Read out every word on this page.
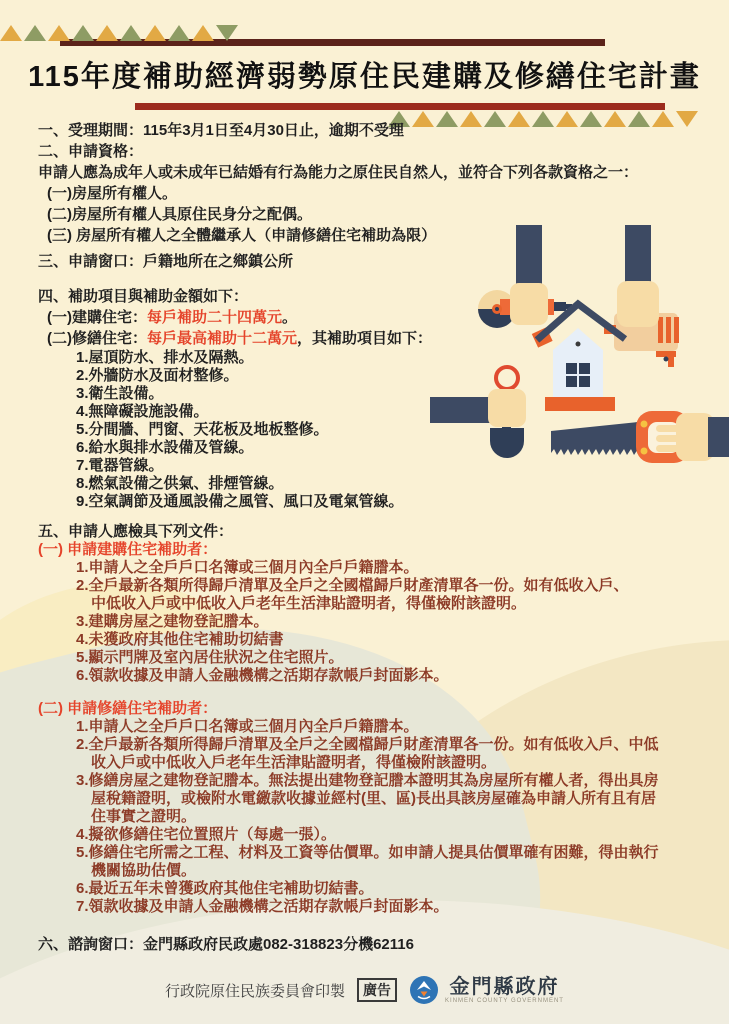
115年度補助經濟弱勢原住民建購及修繕住宅計畫
一、受理期間：115年3月1日至4月30日止，逾期不受理
二、申請資格：
申請人應為成年人或未成年已結婚有行為能力之原住民自然人，並符合下列各款資格之一：
(一)房屋所有權人。
(二)房屋所有權人具原住民身分之配偶。
(三) 房屋所有權人之全體繼承人（申請修繕住宅補助為限）
三、申請窗口：戶籍地所在之鄉鎮公所
四、補助項目與補助金額如下：
(一)建購住宅：每戶補助二十四萬元。
(二)修繕住宅：每戶最高補助十二萬元，其補助項目如下：
1.屋頂防水、排水及隔熱。
2.外牆防水及面材整修。
3.衛生設備。
4.無障礙設施設備。
5.分間牆、門窗、天花板及地板整修。
6.給水與排水設備及管線。
7.電器管線。
8.燃氣設備之供氣、排煙管線。
9.空氣調節及通風設備之風管、風口及電氣管線。
五、申請人應檢具下列文件：
(一) 申請建購住宅補助者：
1.申請人之全戶戶口名簿或三個月內全戶戶籍謄本。
2.全戶最新各類所得歸戶清單及全戶之全國檔歸戶財產清單各一份。如有低收入戶、
中低收入戶或中低收入戶老年生活津貼證明者，得僅檢附該證明。
3.建購房屋之建物登記謄本。
4.未獲政府其他住宅補助切結書
5.顯示門牌及室內居住狀況之住宅照片。
6.領款收據及申請人金融機構之活期存款帳戶封面影本。
(二) 申請修繕住宅補助者：
1.申請人之全戶戶口名簿或三個月內全戶戶籍謄本。
2.全戶最新各類所得歸戶清單及全戶之全國檔歸戶財產清單各一份。如有低收入戶、中低
收入戶或中低收入戶老年生活津貼證明者，得僅檢附該證明。
3.修繕房屋之建物登記謄本。無法提出建物登記謄本證明其為房屋所有權人者，得出具房
屋稅籍證明，或檢附水電繳款收據並經村(里、區)長出具該房屋確為申請人所有且有居
住事實之證明。
4.擬欲修繕住宅位置照片（每處一張）。
5.修繕住宅所需之工程、材料及工資等估價單。如申請人提具估價單確有困難，得由執行
機關協助估價。
6.最近五年未曾獲政府其他住宅補助切結書。
7.領款收據及申請人金融機構之活期存款帳戶封面影本。
六、諮詢窗口：金門縣政府民政處082-318823分機62116
行政院原住民族委員會印製	廣告	金門縣政府
KINMEN COUNTY GOVERNMENT
